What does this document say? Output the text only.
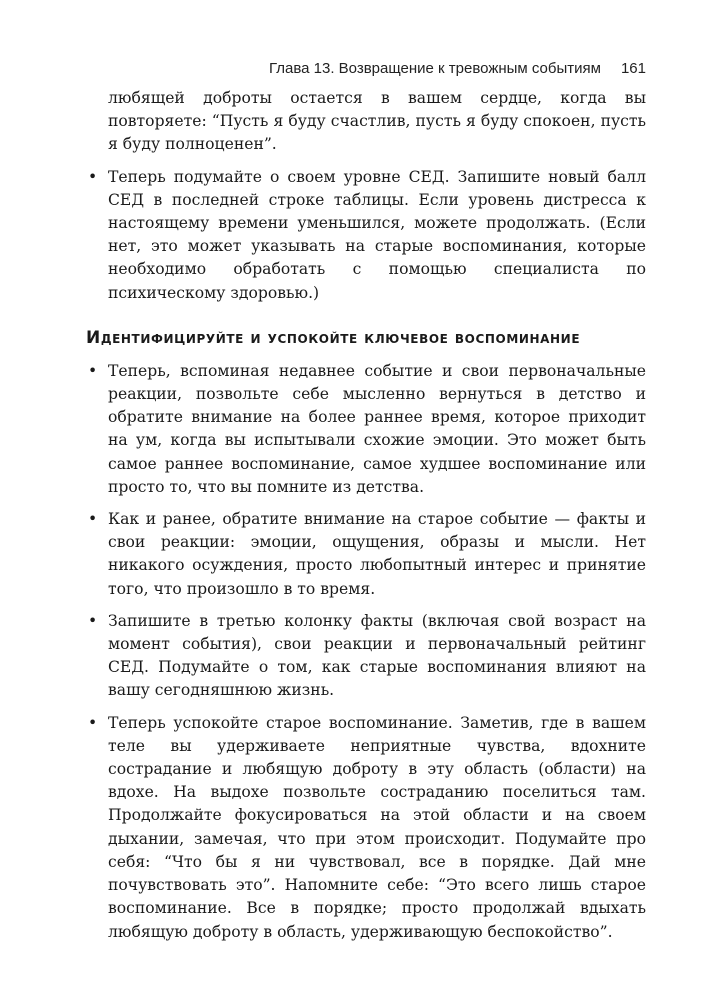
Глава 13. Возвращение к тревожным событиям 161

любящей доброты остается в вашем сердце, когда вы повторяете: “Пусть я буду счастлив, пусть я буду спокоен, пусть я буду полноценен”.

• Теперь подумайте о своем уровне СЕД. Запишите новый балл СЕД в последней строке таблицы. Если уровень дистресса к настоящему времени уменьшился, можете продолжать. (Если нет, это может указывать на старые воспоминания, которые необходимо обработать с помощью специалиста по психическому здоровью.)
Идентифицируйте и успокойте ключевое воспоминание
• Теперь, вспоминая недавнее событие и свои первоначальные реакции, позвольте себе мысленно вернуться в детство и обратите внимание на более раннее время, которое приходит на ум, когда вы испытывали схожие эмоции. Это может быть самое раннее воспоминание, самое худшее воспоминание или просто то, что вы помните из детства.
• Как и ранее, обратите внимание на старое событие — факты и свои реакции: эмоции, ощущения, образы и мысли. Нет никакого осуждения, просто любопытный интерес и принятие того, что произошло в то время.
• Запишите в третью колонку факты (включая свой возраст на момент события), свои реакции и первоначальный рейтинг СЕД. Подумайте о том, как старые воспоминания влияют на вашу сегодняшнюю жизнь.
• Теперь успокойте старое воспоминание. Заметив, где в вашем теле вы удерживаете неприятные чувства, вдохните сострадание и любящую доброту в эту область (области) на вдохе. На выдохе позвольте состраданию поселиться там. Продолжайте фокусироваться на этой области и на своем дыхании, замечая, что при этом происходит. Подумайте про себя: “Что бы я ни чувствовал, все в порядке. Дай мне почувствовать это”. Напомните себе: “Это всего лишь старое воспоминание. Все в порядке; просто продолжай вдыхать любящую доброту в область, удерживающую беспокойство”.
